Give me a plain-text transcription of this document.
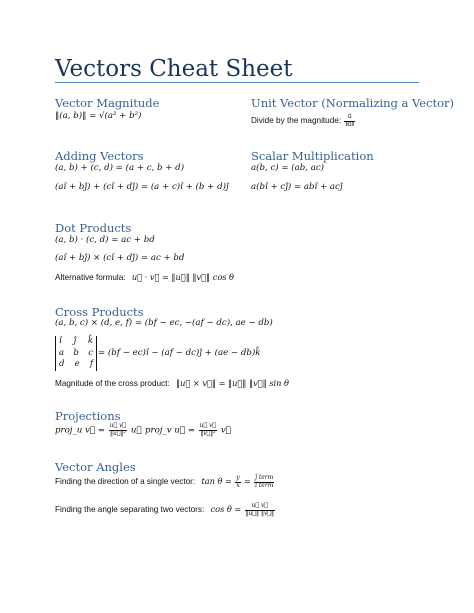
Vectors Cheat Sheet
Vector Magnitude
‖(a, b)‖ = √(a² + b²)
Unit Vector (Normalizing a Vector)
Divide by the magnitude: $\frac{u⃗}{‖u⃗‖}$
Adding Vectors
(a, b) + (c, d) = (a + c, b + d)
(aî + bĵ) + (cî + dĵ) = (a + c)î + (b + d)ĵ
Scalar Multiplication
a(b, c) = (ab, ac)
a(bî + cĵ) = abî + acĵ
Dot Products
(a, b) · (c, d) = ac + bd
(aî + bĵ) × (cî + dĵ) = ac + bd
Alternative formula: u⃗ · v⃗ = ‖u⃗‖ ‖v⃗‖ cos θ
Cross Products
(a, b, c) × (d, e, f) = (bf − ec, −(af − dc), ae − db)
î ĵ k̂
a b c
d e f
= (bf − ec)î − (af − dc)ĵ + (ae − db)k̂
Magnitude of the cross product: ‖u⃗ × v⃗‖ = ‖u⃗‖ ‖v⃗‖ sin θ
Projections
proj_u v⃗ = $\frac{u⃗ v⃗}{\text{‖u⃗‖²}}$ u⃗ proj_v u⃗ = $\frac{u⃗ v⃗}{\text{‖v⃗‖²}}$ v⃗
Vector Angles
Finding the direction of a single vector: $\tan \theta = \frac{y}{x} = \frac{\text{ĵ term}}{\text{î term}}$
Finding the angle separating two vectors: $\cos \theta = \frac{u⃗ v⃗}{‖u⃗‖ ‖v⃗‖}$
